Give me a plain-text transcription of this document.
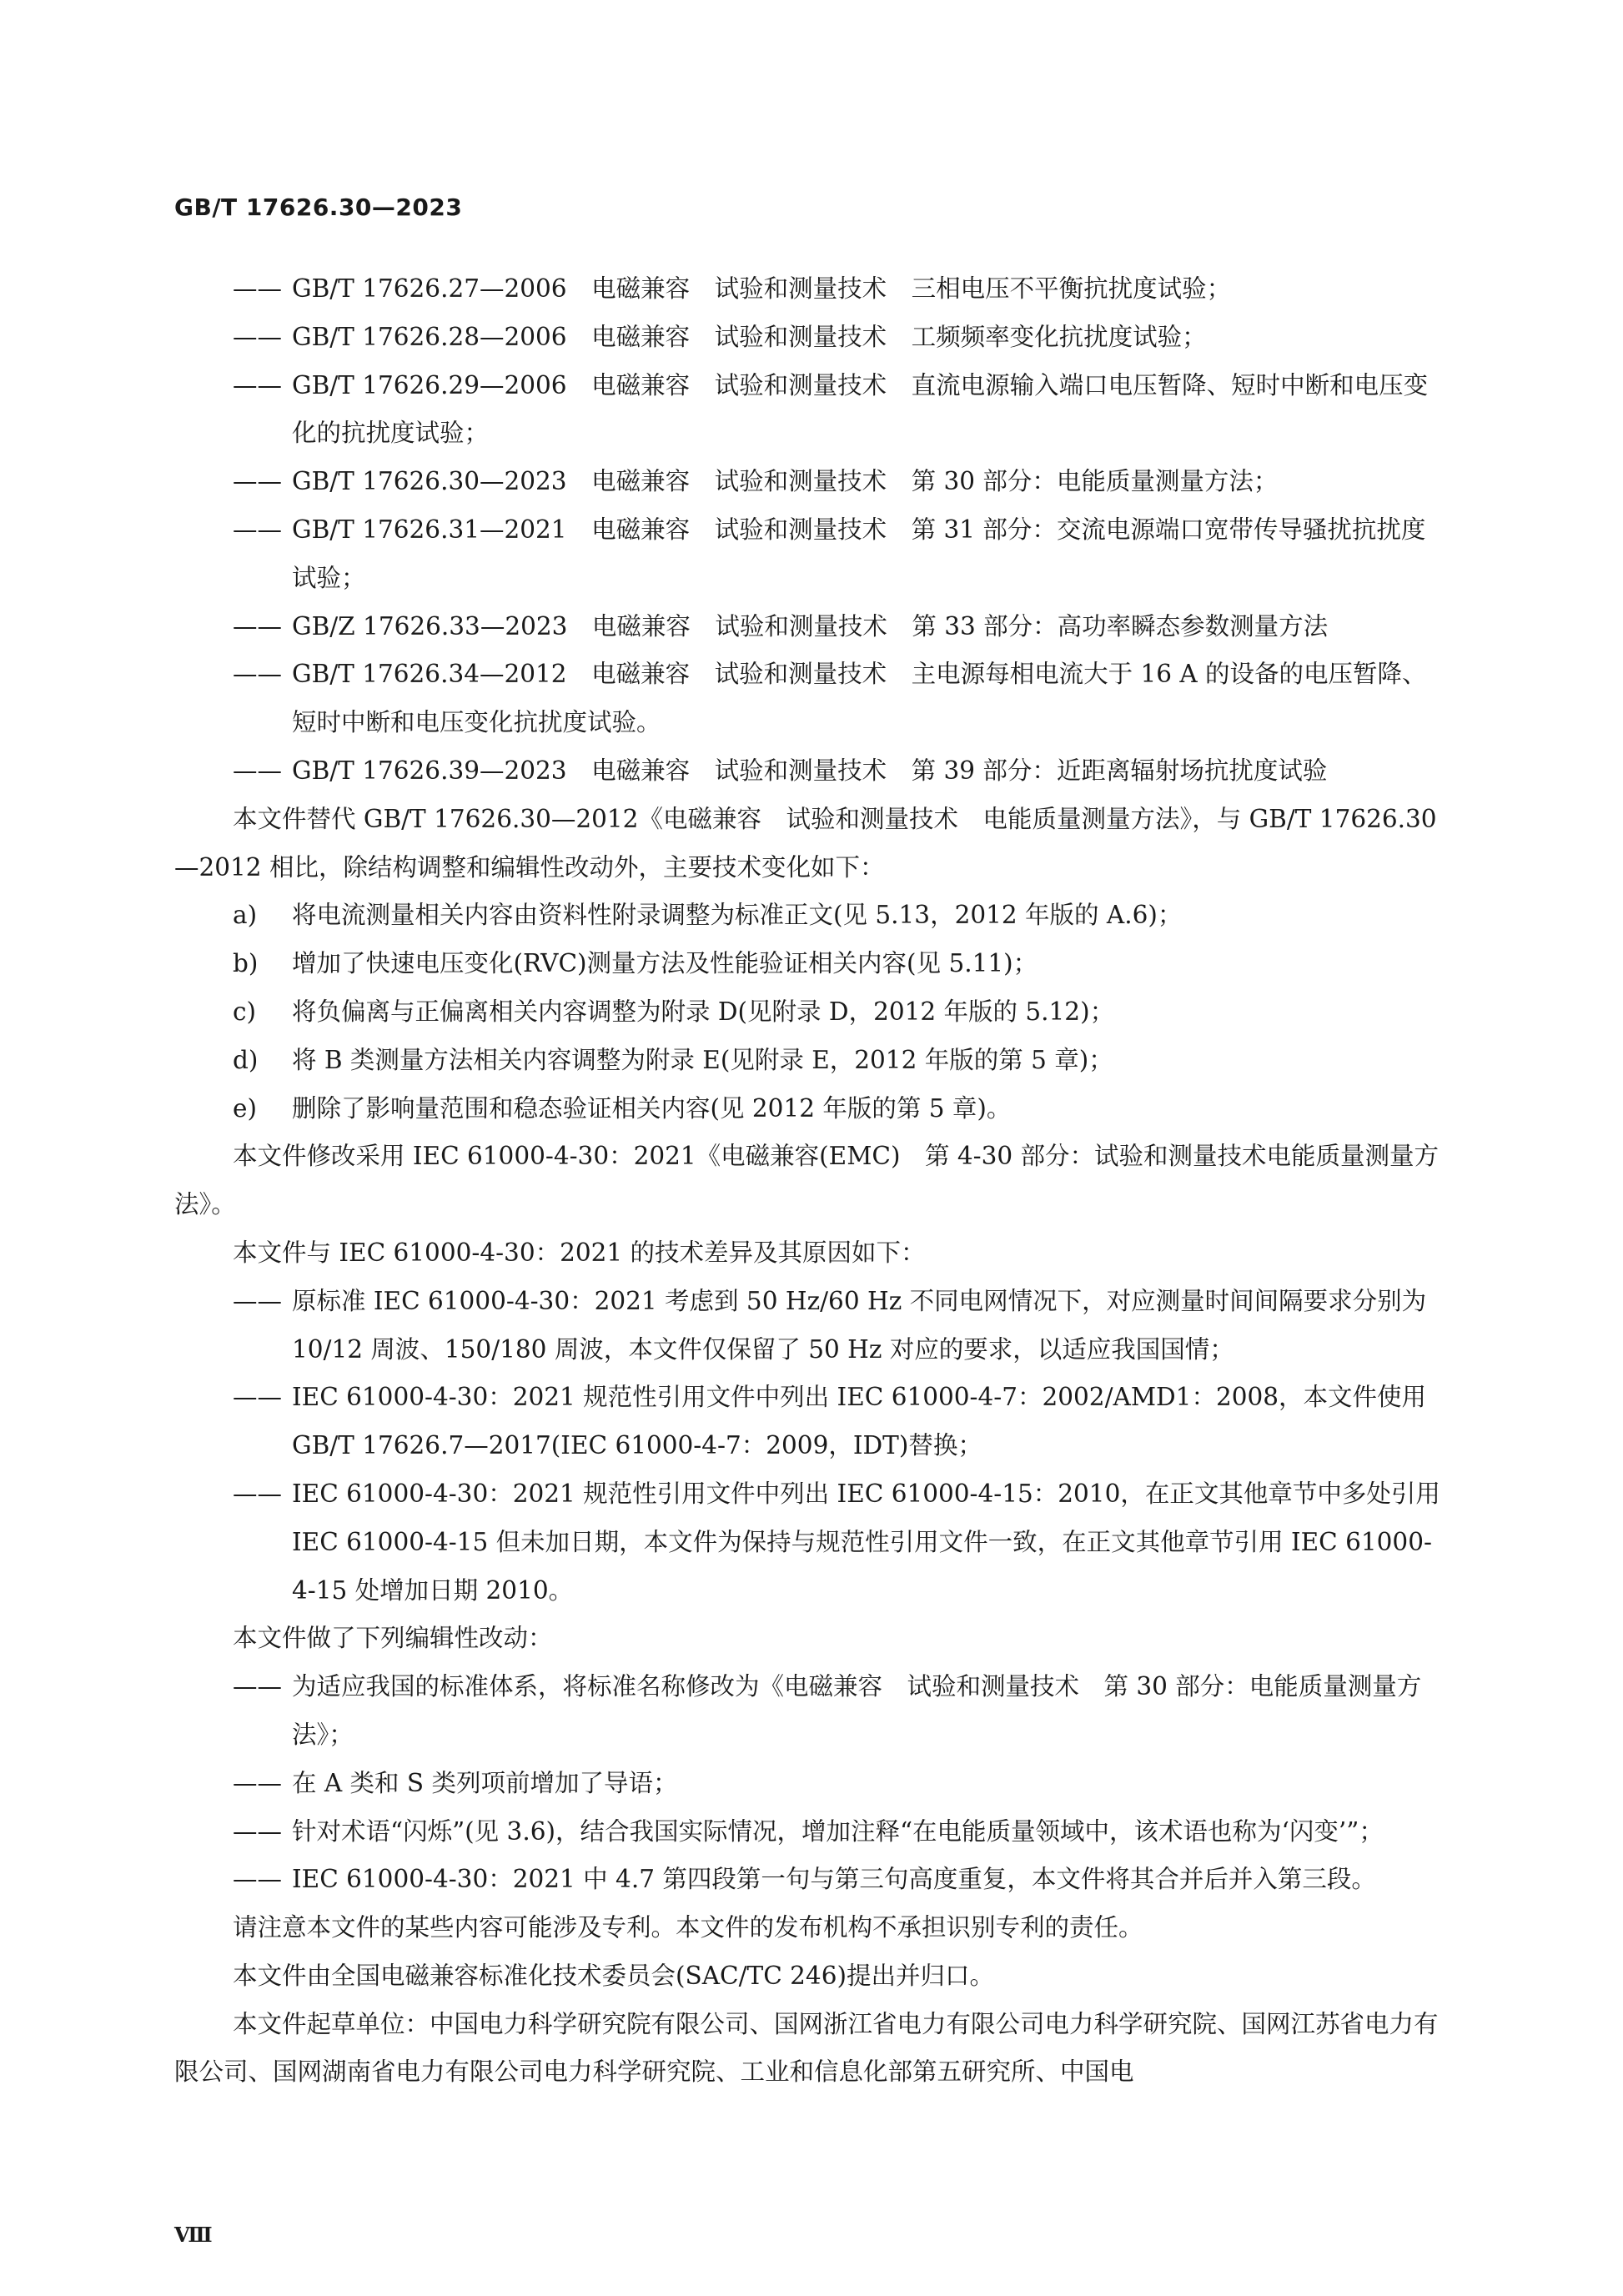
GB/T 17626.30—2023
—— GB/T 17626.27—2006　电磁兼容　试验和测量技术　三相电压不平衡抗扰度试验；
—— GB/T 17626.28—2006　电磁兼容　试验和测量技术　工频频率变化抗扰度试验；
—— GB/T 17626.29—2006　电磁兼容　试验和测量技术　直流电源输入端口电压暂降、短时中断和电压变化的抗扰度试验；
—— GB/T 17626.30—2023　电磁兼容　试验和测量技术　第 30 部分：电能质量测量方法；
—— GB/T 17626.31—2021　电磁兼容　试验和测量技术　第 31 部分：交流电源端口宽带传导骚扰抗扰度试验；
—— GB/Z 17626.33—2023　电磁兼容　试验和测量技术　第 33 部分：高功率瞬态参数测量方法
—— GB/T 17626.34—2012　电磁兼容　试验和测量技术　主电源每相电流大于 16 A 的设备的电压暂降、短时中断和电压变化抗扰度试验。
—— GB/T 17626.39—2023　电磁兼容　试验和测量技术　第 39 部分：近距离辐射场抗扰度试验
本文件替代 GB/T 17626.30—2012《电磁兼容　试验和测量技术　电能质量测量方法》，与 GB/T 17626.30—2012 相比，除结构调整和编辑性改动外，主要技术变化如下：
a) 将电流测量相关内容由资料性附录调整为标准正文(见 5.13，2012 年版的 A.6)；
b) 增加了快速电压变化(RVC)测量方法及性能验证相关内容(见 5.11)；
c) 将负偏离与正偏离相关内容调整为附录 D(见附录 D，2012 年版的 5.12)；
d) 将 B 类测量方法相关内容调整为附录 E(见附录 E，2012 年版的第 5 章)；
e) 删除了影响量范围和稳态验证相关内容(见 2012 年版的第 5 章)。
本文件修改采用 IEC 61000-4-30：2021《电磁兼容(EMC)　第 4-30 部分：试验和测量技术电能质量测量方法》。
本文件与 IEC 61000-4-30：2021 的技术差异及其原因如下：
—— 原标准 IEC 61000-4-30：2021 考虑到 50 Hz/60 Hz 不同电网情况下，对应测量时间间隔要求分别为 10/12 周波、150/180 周波，本文件仅保留了 50 Hz 对应的要求，以适应我国国情；
—— IEC 61000-4-30：2021 规范性引用文件中列出 IEC 61000-4-7：2002/AMD1：2008，本文件使用 GB/T 17626.7—2017(IEC 61000-4-7：2009，IDT)替换；
—— IEC 61000-4-30：2021 规范性引用文件中列出 IEC 61000-4-15：2010，在正文其他章节中多处引用 IEC 61000-4-15 但未加日期，本文件为保持与规范性引用文件一致，在正文其他章节引用 IEC 61000-4-15 处增加日期 2010。
本文件做了下列编辑性改动：
—— 为适应我国的标准体系，将标准名称修改为《电磁兼容　试验和测量技术　第 30 部分：电能质量测量方法》；
—— 在 A 类和 S 类列项前增加了导语；
—— 针对术语“闪烁”(见 3.6)，结合我国实际情况，增加注释“在电能质量领域中，该术语也称为‘闪变’”；
—— IEC 61000-4-30：2021 中 4.7 第四段第一句与第三句高度重复，本文件将其合并后并入第三段。
请注意本文件的某些内容可能涉及专利。本文件的发布机构不承担识别专利的责任。
本文件由全国电磁兼容标准化技术委员会(SAC/TC 246)提出并归口。
本文件起草单位：中国电力科学研究院有限公司、国网浙江省电力有限公司电力科学研究院、国网江苏省电力有限公司、国网湖南省电力有限公司电力科学研究院、工业和信息化部第五研究所、中国电
Ⅷ
